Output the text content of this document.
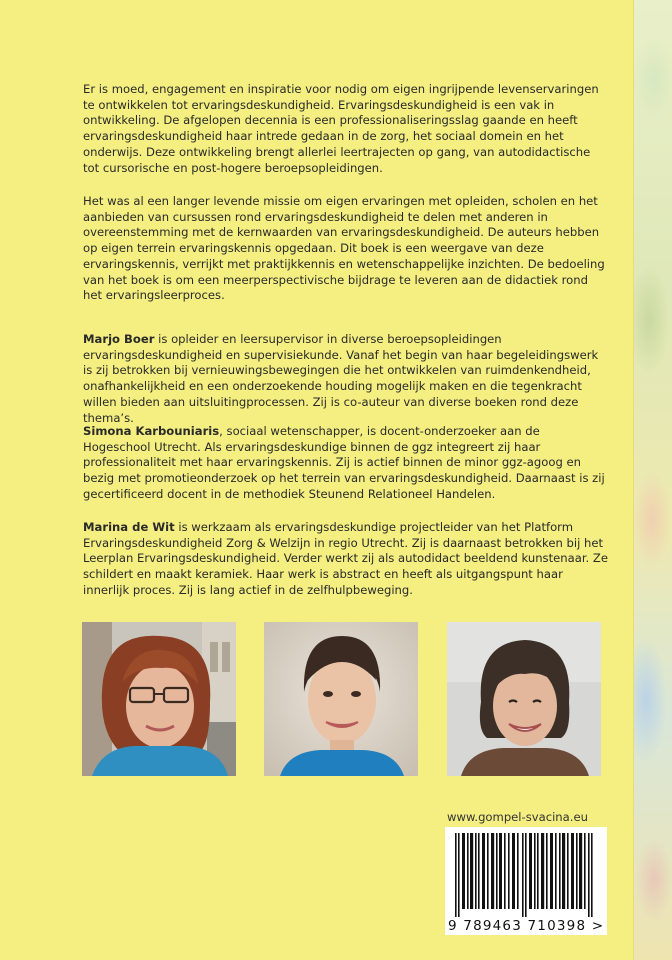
Er is moed, engagement en inspiratie voor nodig om eigen ingrijpende levenservaringen te ontwikkelen tot ervaringsdeskundigheid. Ervaringsdeskundigheid is een vak in ontwikkeling. De afgelopen decennia is een professionaliseringsslag gaande en heeft ervaringsdeskundigheid haar intrede gedaan in de zorg, het sociaal domein en het onderwijs. Deze ontwikkeling brengt allerlei leertrajecten op gang, van autodidactische tot cursorische en post-hogere beroepsopleidingen.

Het was al een langer levende missie om eigen ervaringen met opleiden, scholen en het aanbieden van cursussen rond ervaringsdeskundigheid te delen met anderen in overeenstemming met de kernwaarden van ervaringsdeskundigheid. De auteurs hebben op eigen terrein ervaringskennis opgedaan. Dit boek is een weergave van deze ervaringskennis, verrijkt met praktijkkennis en wetenschappelijke inzichten. De bedoeling van het boek is om een meerperspectivische bijdrage te leveren aan de didactiek rond het ervaringsleerproces.

Marjo Boer is opleider en leersupervisor in diverse beroepsopleidingen ervaringsdeskundigheid en supervisiekunde. Vanaf het begin van haar begeleidingswerk is zij betrokken bij vernieuwingsbewegingen die het ontwikkelen van ruimdenkendheid, onafhankelijkheid en een onderzoekende houding mogelijk maken en die tegenkracht willen bieden aan uitsluitingprocessen. Zij is co-auteur van diverse boeken rond deze thema’s.

Simona Karbouniaris, sociaal wetenschapper, is docent-onderzoeker aan de Hogeschool Utrecht. Als ervaringsdeskundige binnen de ggz integreert zij haar professionaliteit met haar ervaringskennis. Zij is actief binnen de minor ggz-agoog en bezig met promotieonderzoek op het terrein van ervaringsdeskundigheid. Daarnaast is zij gecertificeerd docent in de methodiek Steunend Relationeel Handelen.

Marina de Wit is werkzaam als ervaringsdeskundige projectleider van het Platform Ervaringsdeskundigheid Zorg & Welzijn in regio Utrecht. Zij is daarnaast betrokken bij het Leerplan Ervaringsdeskundigheid. Verder werkt zij als autodidact beeldend kunstenaar. Ze schildert en maakt keramiek. Haar werk is abstract en heeft als uitgangspunt haar innerlijk proces. Zij is lang actief in de zelfhulpbeweging.

www.gompel-svacina.eu
9 789463 710398 >
